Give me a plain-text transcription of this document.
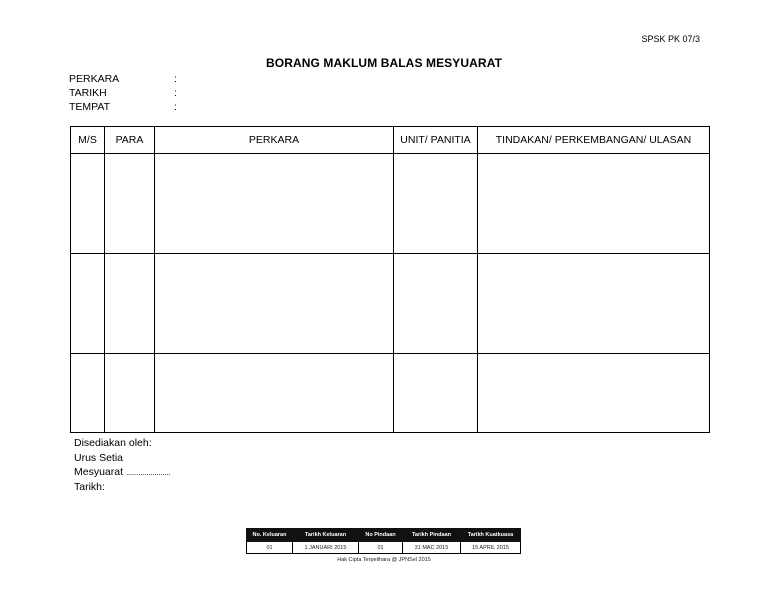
SPSK PK 07/3
BORANG MAKLUM BALAS MESYUARAT
PERKARA	:
TARIKH	:
TEMPAT	:
M/S	PARA	PERKARA	UNIT/ PANITIA	TINDAKAN/ PERKEMBANGAN/ ULASAN

Disediakan oleh:
Urus Setia
Mesyuarat ......................
Tarikh:
No. Keluaran	Tarikh Keluaran	No Pindaan	Tarikh Pindaan	Tarikh Kuatkuasa
01	1 JANUARI 2015	01	31 MAC 2015	15 APRIL 2015
Hak Cipta Terpelihara @ JPNSel 2015
